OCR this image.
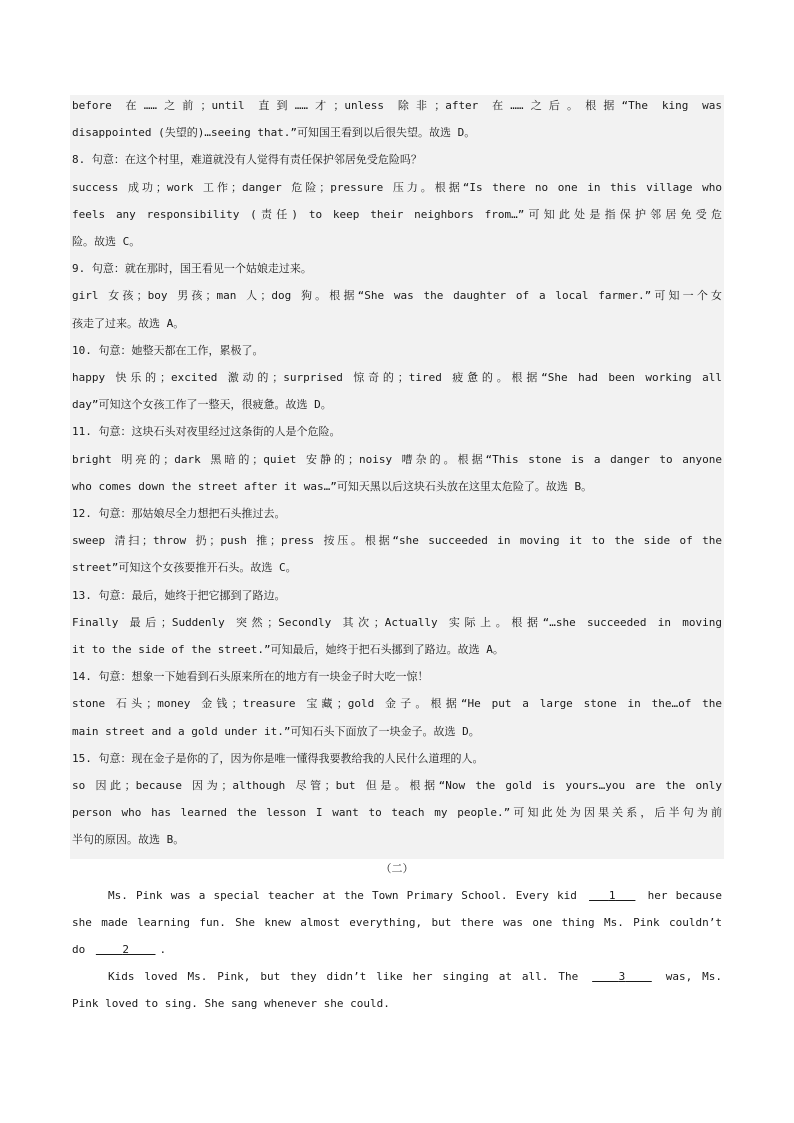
before 在……之前；until 直到……才；unless 除非；after 在……之后。根据“The king was
disappointed (失望的)…seeing that.”可知国王看到以后很失望。故选 D。
8. 句意：在这个村里，难道就没有人觉得有责任保护邻居免受危险吗？
success 成功；work 工作；danger 危险；pressure 压力。根据“Is there no one in this village who
feels any responsibility (责任) to keep their neighbors from…”可知此处是指保护邻居免受危
险。故选 C。
9. 句意：就在那时，国王看见一个姑娘走过来。
girl 女孩；boy 男孩；man 人；dog 狗。根据“She was the daughter of a local farmer.”可知一个女
孩走了过来。故选 A。
10. 句意：她整天都在工作，累极了。
happy 快乐的；excited 激动的；surprised 惊奇的；tired 疲惫的。根据“She had been working all
day”可知这个女孩工作了一整天，很疲惫。故选 D。
11. 句意：这块石头对夜里经过这条街的人是个危险。
bright 明亮的；dark 黑暗的；quiet 安静的；noisy 嘈杂的。根据“This stone is a danger to anyone
who comes down the street after it was…”可知天黑以后这块石头放在这里太危险了。故选 B。
12. 句意：那姑娘尽全力想把石头推过去。
sweep 清扫；throw 扔；push 推；press 按压。根据“she succeeded in moving it to the side of the
street”可知这个女孩要推开石头。故选 C。
13. 句意：最后，她终于把它挪到了路边。
Finally 最后；Suddenly 突然；Secondly 其次；Actually 实际上。根据“…she succeeded in moving
it to the side of the street.”可知最后，她终于把石头挪到了路边。故选 A。
14. 句意：想象一下她看到石头原来所在的地方有一块金子时大吃一惊！
stone 石头；money 金钱；treasure 宝藏；gold 金子。根据“He put a large stone in the…of the
main street and a gold under it.”可知石头下面放了一块金子。故选 D。
15. 句意：现在金子是你的了，因为你是唯一懂得我要教给我的人民什么道理的人。
so 因此；because 因为；although 尽管；but 但是。根据“Now the gold is yours…you are the only
person who has learned the lesson I want to teach my people.”可知此处为因果关系，后半句为前
半句的原因。故选 B。
（二）
Ms. Pink was a special teacher at the Town Primary School. Every kid	1	her because
she made learning fun. She knew almost everything, but there was one thing Ms. Pink couldn’t
do	2	.
Kids loved Ms. Pink, but they didn’t like her singing at all. The	3	was, Ms.
Pink loved to sing. She sang whenever she could.
